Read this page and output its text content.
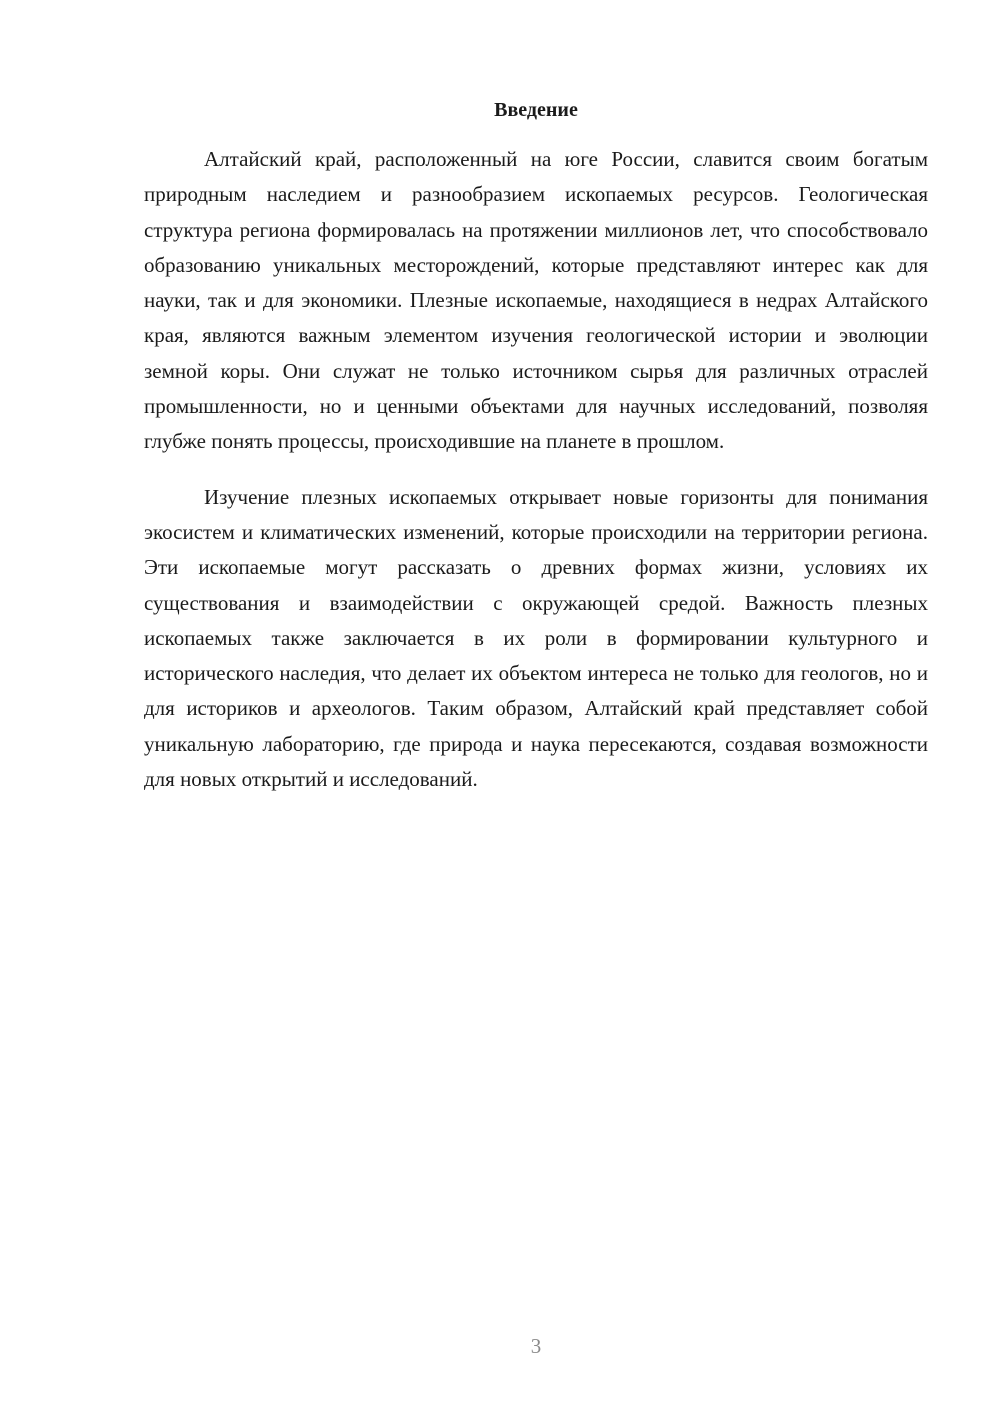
Введение

Алтайский край, расположенный на юге России, славится своим богатым природным наследием и разнообразием ископаемых ресурсов. Геологическая структура региона формировалась на протяжении миллионов лет, что способствовало образованию уникальных месторождений, которые представляют интерес как для науки, так и для экономики. Плезные ископаемые, находящиеся в недрах Алтайского края, являются важным элементом изучения геологической истории и эволюции земной коры. Они служат не только источником сырья для различных отраслей промышленности, но и ценными объектами для научных исследований, позволяя глубже понять процессы, происходившие на планете в прошлом.

Изучение плезных ископаемых открывает новые горизонты для понимания экосистем и климатических изменений, которые происходили на территории региона. Эти ископаемые могут рассказать о древних формах жизни, условиях их существования и взаимодействии с окружающей средой. Важность плезных ископаемых также заключается в их роли в формировании культурного и исторического наследия, что делает их объектом интереса не только для геологов, но и для историков и археологов. Таким образом, Алтайский край представляет собой уникальную лабораторию, где природа и наука пересекаются, создавая возможности для новых открытий и исследований.

3
